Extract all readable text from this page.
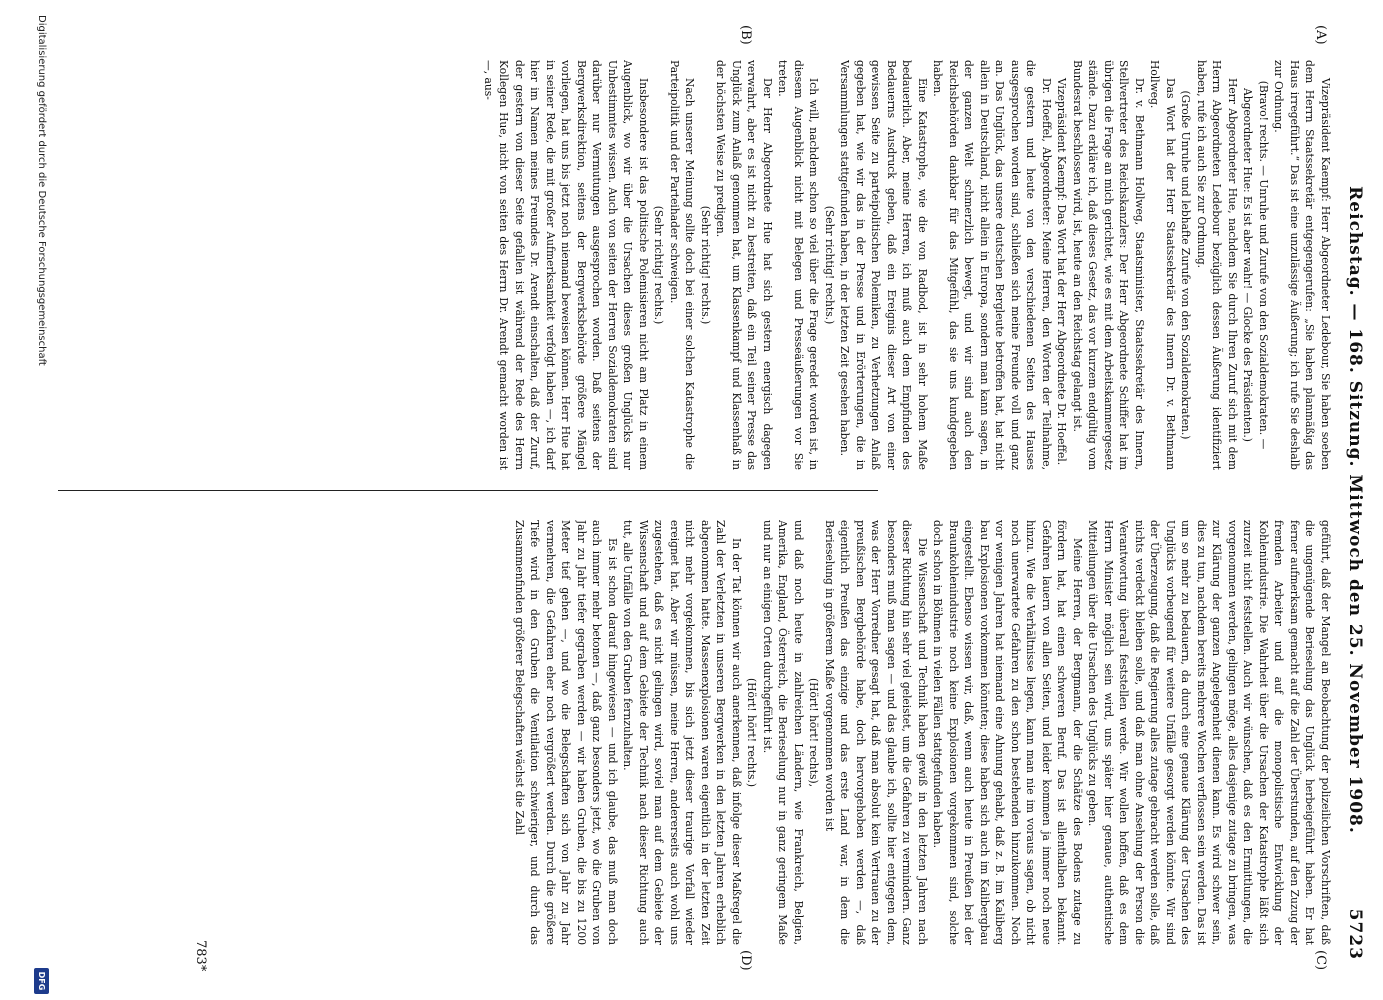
Reichstag. — 168. Sitzung. Mittwoch den 25. November 1908.
5723
(A)
(B)
(C)
(D)

Vizepräsident Kaempf: Herr Abgeordneter Ledebour, Sie haben soeben dem Herrn Staatssekretär entgegengerufen: „Sie haben planmäßig das Haus irregeführt.“ Das ist eine unzulässige Äußerung; ich rufe Sie deshalb zur Ordnung.

(Bravo! rechts. — Unruhe und Zurufe von den Sozialdemokraten. — Abgeordneter Hue: Es ist aber wahr! — Glocke des Präsidenten.)

Herr Abgeordneter Hue, nachdem Sie durch Ihren Zuruf sich mit dem Herrn Abgeordneten Ledebour bezüglich dessen Äußerung identifiziert haben, rufe ich auch Sie zur Ordnung.

(Große Unruhe und lebhafte Zurufe von den Sozialdemokraten.)

Das Wort hat der Herr Staatssekretär des Innern Dr. v. Bethmann Hollweg.

Dr. v. Bethmann Hollweg, Staatsminister, Staatssekretär des Innern, Stellvertreter des Reichskanzlers: Der Herr Abgeordnete Schiffer hat im übrigen die Frage an mich gerichtet, wie es mit dem Arbeitskammergesetz stände. Dazu erkläre ich, daß dieses Gesetz, das vor kurzem endgültig vom Bundesrat beschlossen wird, ist, heute an den Reichstag gelangt ist.

Vizepräsident Kaempf: Das Wort hat der Herr Abgeordnete Dr. Hoeffel.

Dr. Hoeffel, Abgeordneter: Meine Herren, den Worten der Teilnahme, die gestern und heute von den verschiedenen Seiten des Hauses ausgesprochen worden sind, schließen sich meine Freunde voll und ganz an. Das Unglück, das unsere deutschen Bergleute betroffen hat, hat nicht allein in Deutschland, nicht allein in Europa, sondern man kann sagen, in der ganzen Welt schmerzlich bewegt, und wir sind auch den Reichsbehörden dankbar für das Mitgefühl, das sie uns kundgegeben haben.

Eine Katastrophe, wie die von Radbod, ist in sehr hohem Maße bedauerlich. Aber, meine Herren, ich muß auch dem Empfinden des Bedauerns Ausdruck geben, daß ein Ereignis dieser Art von einer gewissen Seite zu parteipolitischen Polemiken, zu Verhetzungen Anlaß gegeben hat, wie wir das in der Presse und in Erörterungen, die in Versammlungen stattgefunden haben, in der letzten Zeit gesehen haben.

(Sehr richtig! rechts.)

Ich will, nachdem schon so viel über die Frage geredet worden ist, in diesem Augenblick nicht mit Belegen und Presseäußerungen vor Sie treten.

Der Herr Abgeordnete Hue hat sich gestern energisch dagegen verwahrt, aber es ist nicht zu bestreiten, daß ein Teil seiner Presse das Unglück zum Anlaß genommen hat, um Klassenkampf und Klassenhaß in der höchsten Weise zu predigen.

(Sehr richtig! rechts.)

Nach unserer Meinung sollte doch bei einer solchen Katastrophe die Parteipolitik und der Parteihader schweigen.

(Sehr richtig! rechts.)

Insbesondere ist das politische Polemisieren nicht am Platz in einem Augenblick, wo wir über die Ursachen dieses großen Unglücks nur Unbestimmtes wissen. Auch von seiten der Herren Sozialdemokraten sind darüber nur Vermutungen ausgesprochen worden. Daß seitens der Bergwerksdirektion, seitens der Bergwerksbehörde größere Mängel vorliegen, hat uns bis jetzt noch niemand beweisen können. Herr Hue hat in seiner Rede, die mit großer Aufmerksamkeit verfolgt haben —, ich darf hier im Namen meines Freundes Dr. Arendt einschalten, daß der Zuruf, der gestern von dieser Seite gefallen ist während der Rede des Herrn Kollegen Hue, nicht von seiten des Herrn Dr. Arendt gemacht worden ist —, aus-

geführt, daß der Mangel an Beobachtung der polizeilichen Vorschriften, daß die ungenügende Berieselung das Unglück herbeigeführt haben. Er hat ferner aufmerksam gemacht auf die Zahl der Überstunden, auf den Zuzug der fremden Arbeiter und auf die monopolistische Entwicklung der Kohlenindustrie. Die Wahrheit über die Ursachen der Katastrophe läßt sich zurzeit nicht feststellen. Auch wir wünschen, daß es den Ermittlungen, die vorgenommen werden, gelingen möge, alles dasjenige zutage zu bringen, was zur Klärung der ganzen Angelegenheit dienen kann. Es wird schwer sein, dies zu tun, nachdem bereits mehrere Wochen verflossen sein werden. Das ist um so mehr zu bedauern, da durch eine genaue Klärung der Ursachen des Unglücks vorbeugend für weitere Unfälle gesorgt werden könnte. Wir sind der Überzeugung, daß die Regierung alles zutage gebracht werden solle, daß nichts verdeckt bleiben solle, und daß man ohne Ansehung der Person die Verantwortung überall feststellen werde. Wir wollen hoffen, daß es dem Herrn Minister möglich sein wird, uns später hier genaue, authentische Mitteilungen über die Ursachen des Unglücks zu geben.

Meine Herren, der Bergmann, der die Schätze des Bodens zutage zu fördern hat, hat einen schweren Beruf. Das ist allenthalben bekannt. Gefahren lauern von allen Seiten, und leider kommen ja immer noch neue hinzu. Wie die Verhältnisse liegen, kann man nie im voraus sagen, ob nicht noch unerwartete Gefahren zu den schon bestehenden hinzukommen. Noch vor wenigen Jahren hat niemand eine Ahnung gehabt, daß z. B. im Kaliberg bau Explosionen vorkommen könnten; diese haben sich auch im Kalibergbau eingestellt. Ebenso wissen wir, daß, wenn auch heute in Preußen bei der Braunkohlenindustrie noch keine Explosionen vorgekommen sind, solche doch schon in Böhmen in vielen Fällen stattgefunden haben.

Die Wissenschaft und Technik haben gewiß in den letzten Jahren nach dieser Richtung hin sehr viel geleistet, um die Gefahren zu vermindern. Ganz besonders muß man sagen — und das glaube ich, sollte hier entgegen dem, was der Herr Vorredner gesagt hat, daß man absolut kein Vertrauen zu der preußischen Bergbehörde habe, doch hervorgehoben werden —, daß eigentlich Preußen das einzige und das erste Land war, in dem die Berieselung in größerem Maße vorgenommen worden ist

(Hört! hört! rechts),

und daß noch heute in zahlreichen Ländern, wie Frankreich, Belgien, Amerika, England, Österreich, die Berieselung nur in ganz geringem Maße und nur an einigen Orten durchgeführt ist.

(Hört! hört! rechts.)

In der Tat können wir auch anerkennen, daß infolge dieser Maßregel die Zahl der Verletzten in unseren Bergwerken in den letzten Jahren erheblich abgenommen hatte. Massenexplosionen waren eigentlich in der letzten Zeit nicht mehr vorgekommen, bis sich jetzt dieser traurige Vorfall wieder ereignet hat. Aber wir müssen, meine Herren, andererseits auch wohl uns zugestehen, daß es nicht gelingen wird, soviel man auf dem Gebiete der Wissenschaft und auf dem Gebiete der Technik nach dieser Richtung auch tut, alle Unfälle von den Gruben fernzuhalten.

Es ist schon darauf hingewiesen — und ich glaube, das muß man doch auch immer mehr betonen —, daß ganz besonders jetzt, wo die Gruben von Jahr zu Jahr tiefer gegraben werden — wir haben Gruben, die bis zu 1200 Meter tief gehen —, und wo die Belegschaften sich von Jahr zu Jahr vermehren, die Gefahren eher noch vergrößert werden. Durch die größere Tiefe wird in den Gruben die Ventilation schwieriger, und durch das Zusammenfinden größerer Belegschaften wächst die Zahl

783*
Digitalisierung gefördert durch die Deutsche Forschungsgemeinschaft
DFG
